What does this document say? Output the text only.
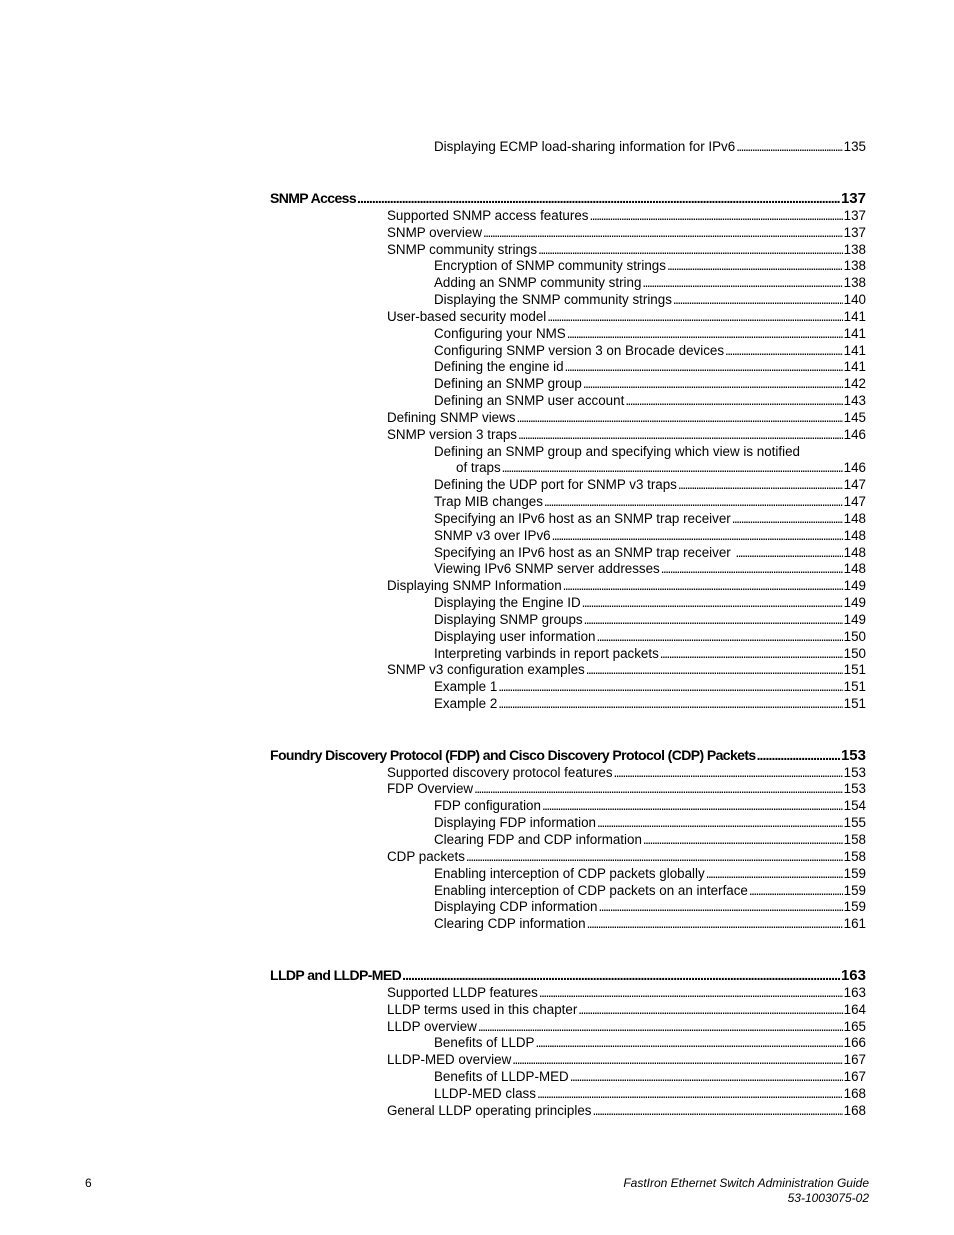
Displaying ECMP load-sharing information for IPv6 . . .	135
SNMP Access . . .	137
Supported SNMP access features . . .	137
SNMP overview . . .	137
SNMP community strings . . .	138
Encryption of SNMP community strings . . .	138
Adding an SNMP community string . . .	138
Displaying the SNMP community strings . . .	140
User-based security model . . .	141
Configuring your NMS . . .	141
Configuring SNMP version 3 on Brocade devices . . .	141
Defining the engine id . . .	141
Defining an SNMP group . . .	142
Defining an SNMP user account . . .	143
Defining SNMP views . . .	145
SNMP version 3 traps . . .	146
Defining an SNMP group and specifying which view is notified
of traps . . .	146
Defining the UDP port for SNMP v3 traps . . .	147
Trap MIB changes . . .	147
Specifying an IPv6 host as an SNMP trap receiver . . .	148
SNMP v3 over IPv6 . . .	148
Specifying an IPv6 host as an SNMP trap receiver . . .	148
Viewing IPv6 SNMP server addresses . . .	148
Displaying SNMP Information . . .	149
Displaying the Engine ID . . .	149
Displaying SNMP groups . . .	149
Displaying user information . . .	150
Interpreting varbinds in report packets . . .	150
SNMP v3 configuration examples . . .	151
Example 1 . . .	151
Example 2 . . .	151
Foundry Discovery Protocol (FDP) and Cisco Discovery Protocol (CDP) Packets . . .	153
Supported discovery protocol features . . .	153
FDP Overview . . .	153
FDP configuration . . .	154
Displaying FDP information . . .	155
Clearing FDP and CDP information . . .	158
CDP packets . . .	158
Enabling interception of CDP packets globally . . .	159
Enabling interception of CDP packets on an interface . . .	159
Displaying CDP information . . .	159
Clearing CDP information . . .	161
LLDP and LLDP-MED . . .	163
Supported LLDP features . . .	163
LLDP terms used in this chapter . . .	164
LLDP overview . . .	165
Benefits of LLDP . . .	166
LLDP-MED overview . . .	167
Benefits of LLDP-MED . . .	167
LLDP-MED class . . .	168
General LLDP operating principles . . .	168
6	FastIron Ethernet Switch Administration Guide
53-1003075-02
